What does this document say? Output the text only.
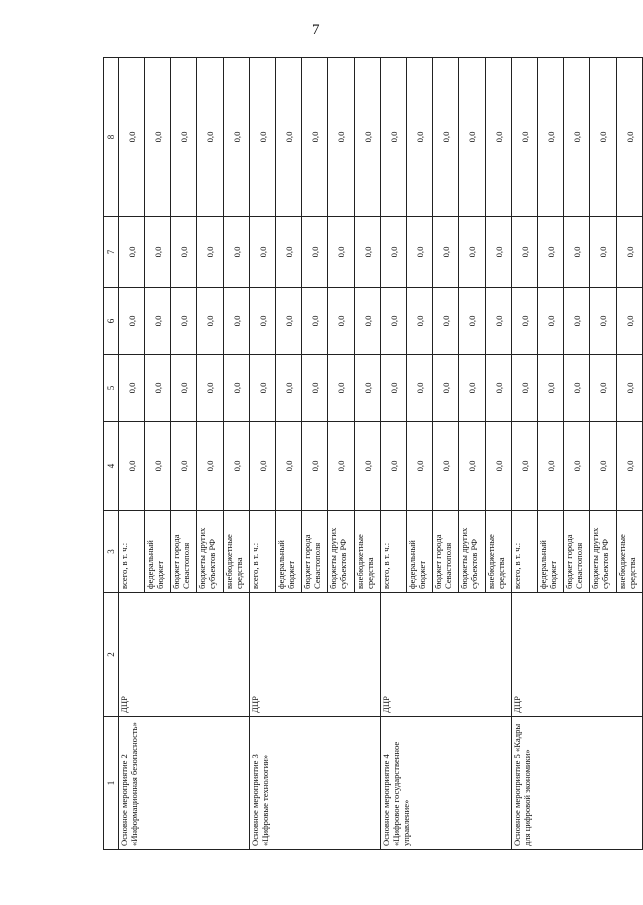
7
1	2	3	4	5	6	7	8
Основное мероприятие 2 «Информационная безопасность»	ДЦР	всего, в т. ч.:	0,0	0,0	0,0	0,0	0,0
		федеральный бюджет	0,0	0,0	0,0	0,0	0,0
		бюджет города Севастополя	0,0	0,0	0,0	0,0	0,0
		бюджеты других субъектов РФ	0,0	0,0	0,0	0,0	0,0
		внебюджетные средства	0,0	0,0	0,0	0,0	0,0
Основное мероприятие 3 «Цифровые технологии»	ДЦР	всего, в т. ч.:	0,0	0,0	0,0	0,0	0,0
		федеральный бюджет	0,0	0,0	0,0	0,0	0,0
		бюджет города Севастополя	0,0	0,0	0,0	0,0	0,0
		бюджеты других субъектов РФ	0,0	0,0	0,0	0,0	0,0
		внебюджетные средства	0,0	0,0	0,0	0,0	0,0
Основное мероприятие 4 «Цифровое государственное управление»	ДЦР	всего, в т. ч.:	0,0	0,0	0,0	0,0	0,0
		федеральный бюджет	0,0	0,0	0,0	0,0	0,0
		бюджет города Севастополя	0,0	0,0	0,0	0,0	0,0
		бюджеты других субъектов РФ	0,0	0,0	0,0	0,0	0,0
		внебюджетные средства	0,0	0,0	0,0	0,0	0,0
Основное мероприятие 5 «Кадры для цифровой экономики»	ДЦР	всего, в т. ч.:	0,0	0,0	0,0	0,0	0,0
		федеральный бюджет	0,0	0,0	0,0	0,0	0,0
		бюджет города Севастополя	0,0	0,0	0,0	0,0	0,0
		бюджеты других субъектов РФ	0,0	0,0	0,0	0,0	0,0
		внебюджетные средства	0,0	0,0	0,0	0,0	0,0
